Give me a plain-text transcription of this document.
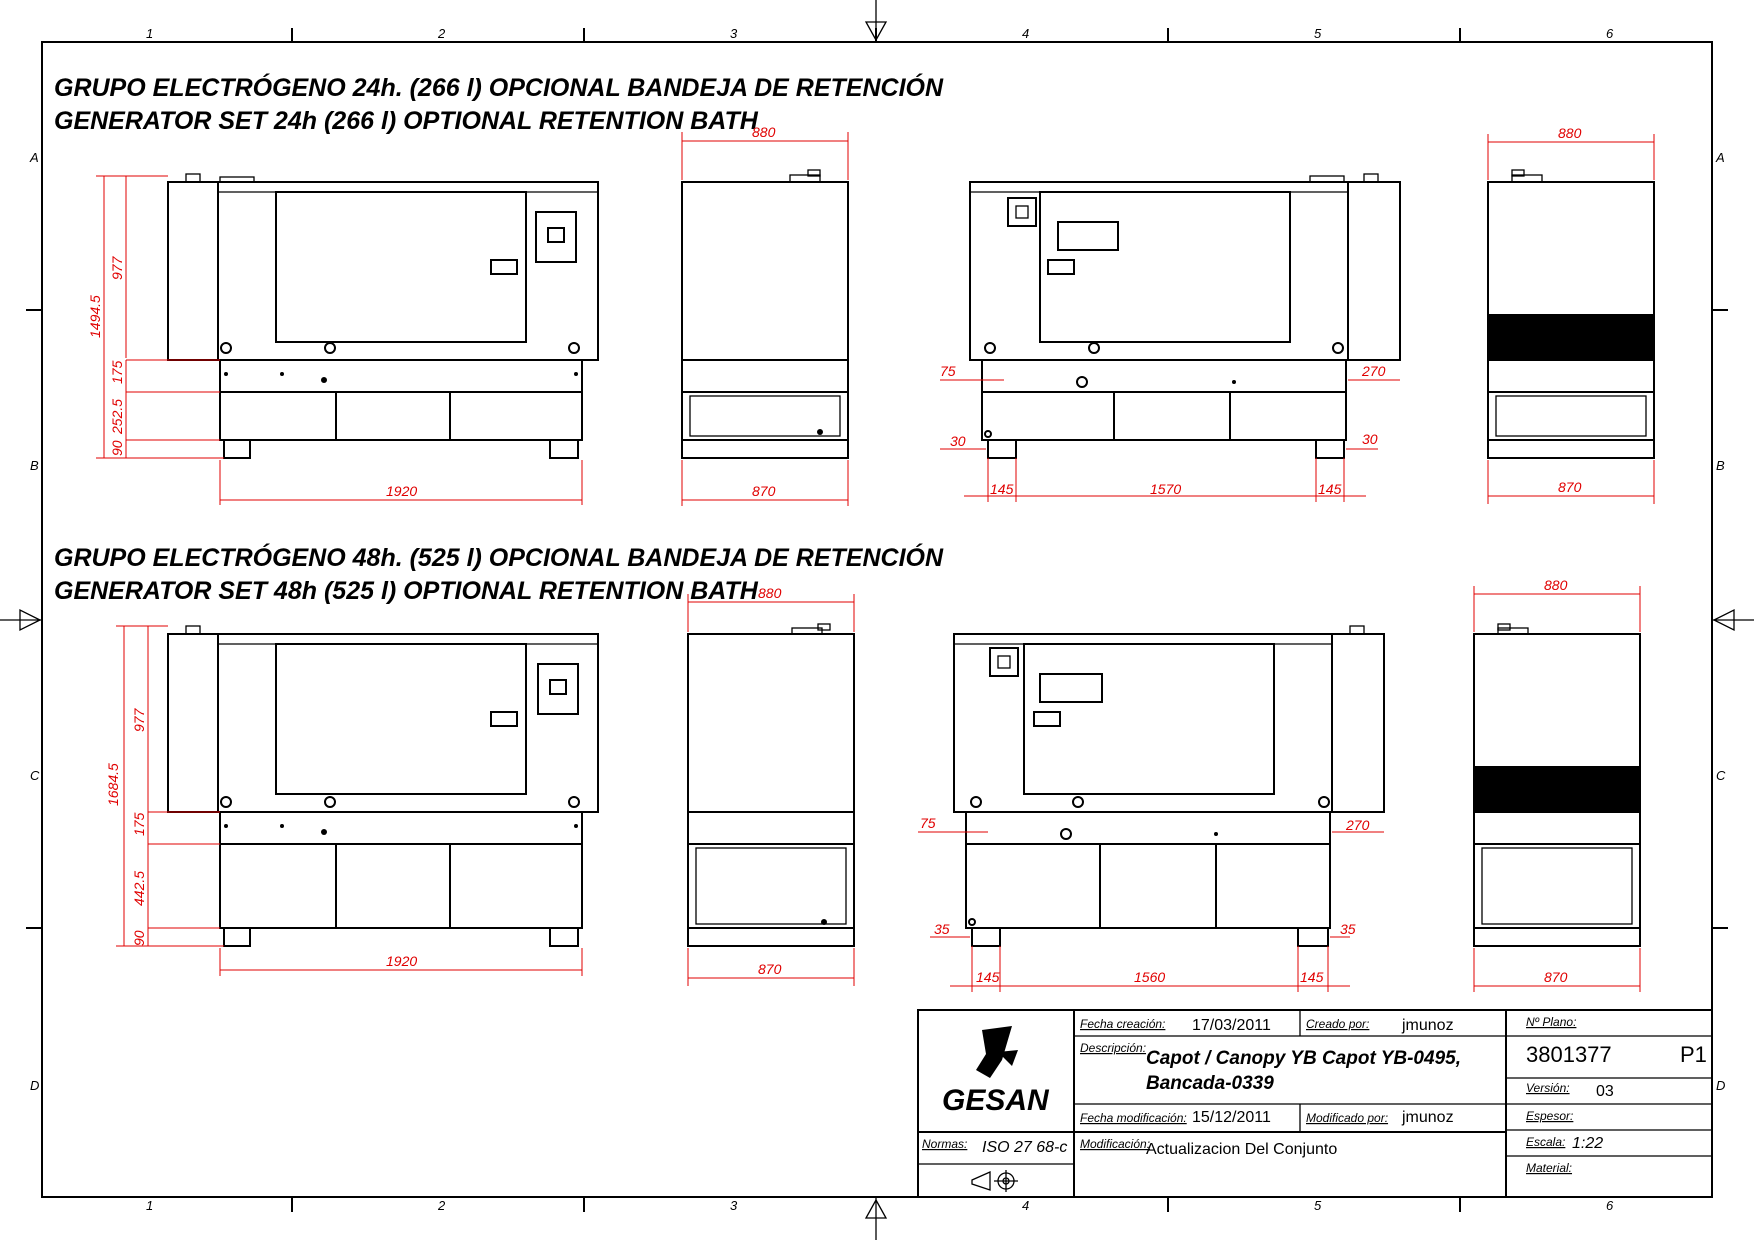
1	2	3	4	5	6
1	2	3	4	5	6
A
B
C
D
A
B
C
D
GRUPO ELECTRÓGENO 24h. (266 l) OPCIONAL BANDEJA DE RETENCIÓN
GENERATOR SET 24h (266 l) OPTIONAL RETENTION BATH
GRUPO ELECTRÓGENO 48h. (525 l) OPCIONAL BANDEJA DE RETENCIÓN
GENERATOR SET 48h (525 l) OPTIONAL RETENTION BATH
1494.5
977
175
252.5
90
1920
880
870
75	270
30	30
145	1570	145
880
870
1684.5
977
175
442.5
90
1920
880
870
75	270
35	35
145	1560	145
880
870
GESAN
Normas: ISO 27 68-c
Fecha creación: 17/03/2011	Creado por: jmunoz
Descripción: Capot / Canopy YB Capot YB-0495,
Bancada-0339
Fecha modificación: 15/12/2011	Modificado por: jmunoz
Modificación:
Actualizacion Del Conjunto
Nº Plano:
3801377	P1
Versión: 03
Espesor:
Escala: 1:22
Material:
